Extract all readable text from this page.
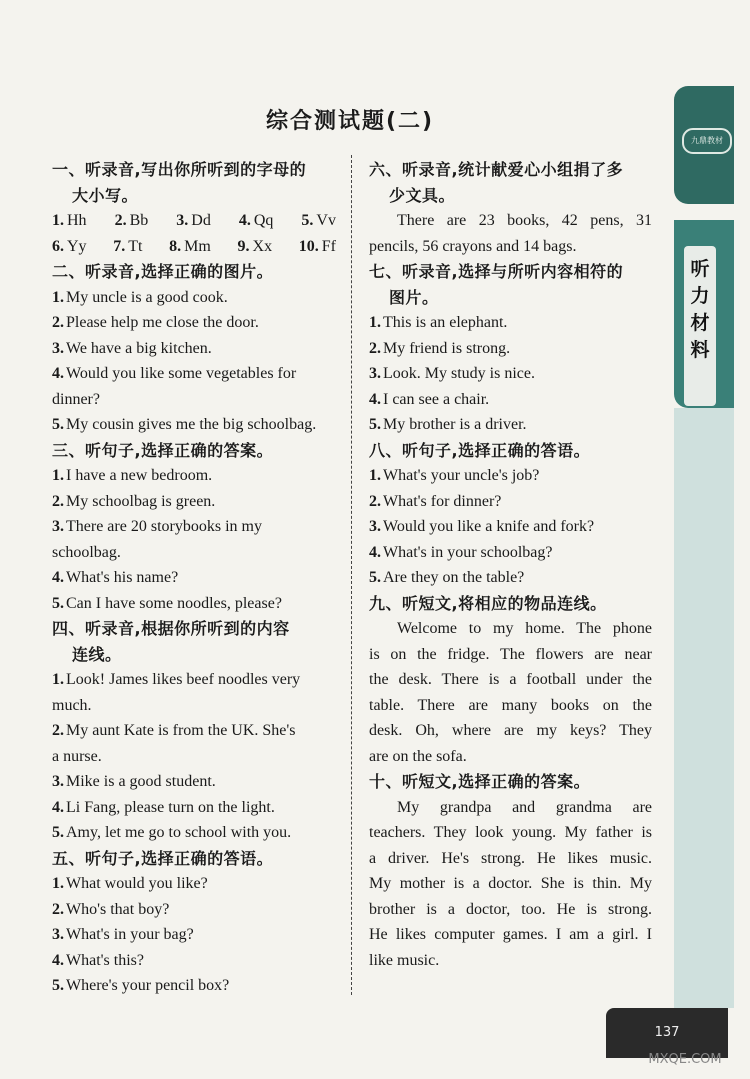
综合测试题(二)
九鼎教材
听力材料
一、听录音,写出你所听到的字母的
大小写。
1. Hh 2. Bb 3. Dd 4. Qq 5. Vv
6. Yy 7. Tt 8. Mm 9. Xx 10. Ff
二、听录音,选择正确的图片。
1. My uncle is a good cook.
2. Please help me close the door.
3. We have a big kitchen.
4. Would you like some vegetables for
dinner?
5. My cousin gives me the big schoolbag.
三、听句子,选择正确的答案。
1. I have a new bedroom.
2. My schoolbag is green.
3. There are 20 storybooks in my
schoolbag.
4. What's his name?
5. Can I have some noodles, please?
四、听录音,根据你所听到的内容
连线。
1. Look! James likes beef noodles very
much.
2. My aunt Kate is from the UK. She's
a nurse.
3. Mike is a good student.
4. Li Fang, please turn on the light.
5. Amy, let me go to school with you.
五、听句子,选择正确的答语。
1. What would you like?
2. Who's that boy?
3. What's in your bag?
4. What's this?
5. Where's your pencil box?
六、听录音,统计献爱心小组捐了多
少文具。
There are 23 books, 42 pens, 31
pencils, 56 crayons and 14 bags.
七、听录音,选择与所听内容相符的
图片。
1. This is an elephant.
2. My friend is strong.
3. Look. My study is nice.
4. I can see a chair.
5. My brother is a driver.
八、听句子,选择正确的答语。
1. What's your uncle's job?
2. What's for dinner?
3. Would you like a knife and fork?
4. What's in your schoolbag?
5. Are they on the table?
九、听短文,将相应的物品连线。
Welcome to my home. The phone
is on the fridge. The flowers are near
the desk. There is a football under the
table. There are many books on the
desk. Oh, where are my keys? They
are on the sofa.
十、听短文,选择正确的答案。
My grandpa and grandma are
teachers. They look young. My father is
a driver. He's strong. He likes music.
My mother is a doctor. She is thin. My
brother is a doctor, too. He is strong.
He likes computer games. I am a girl. I
like music.
137
MXQE.COM
